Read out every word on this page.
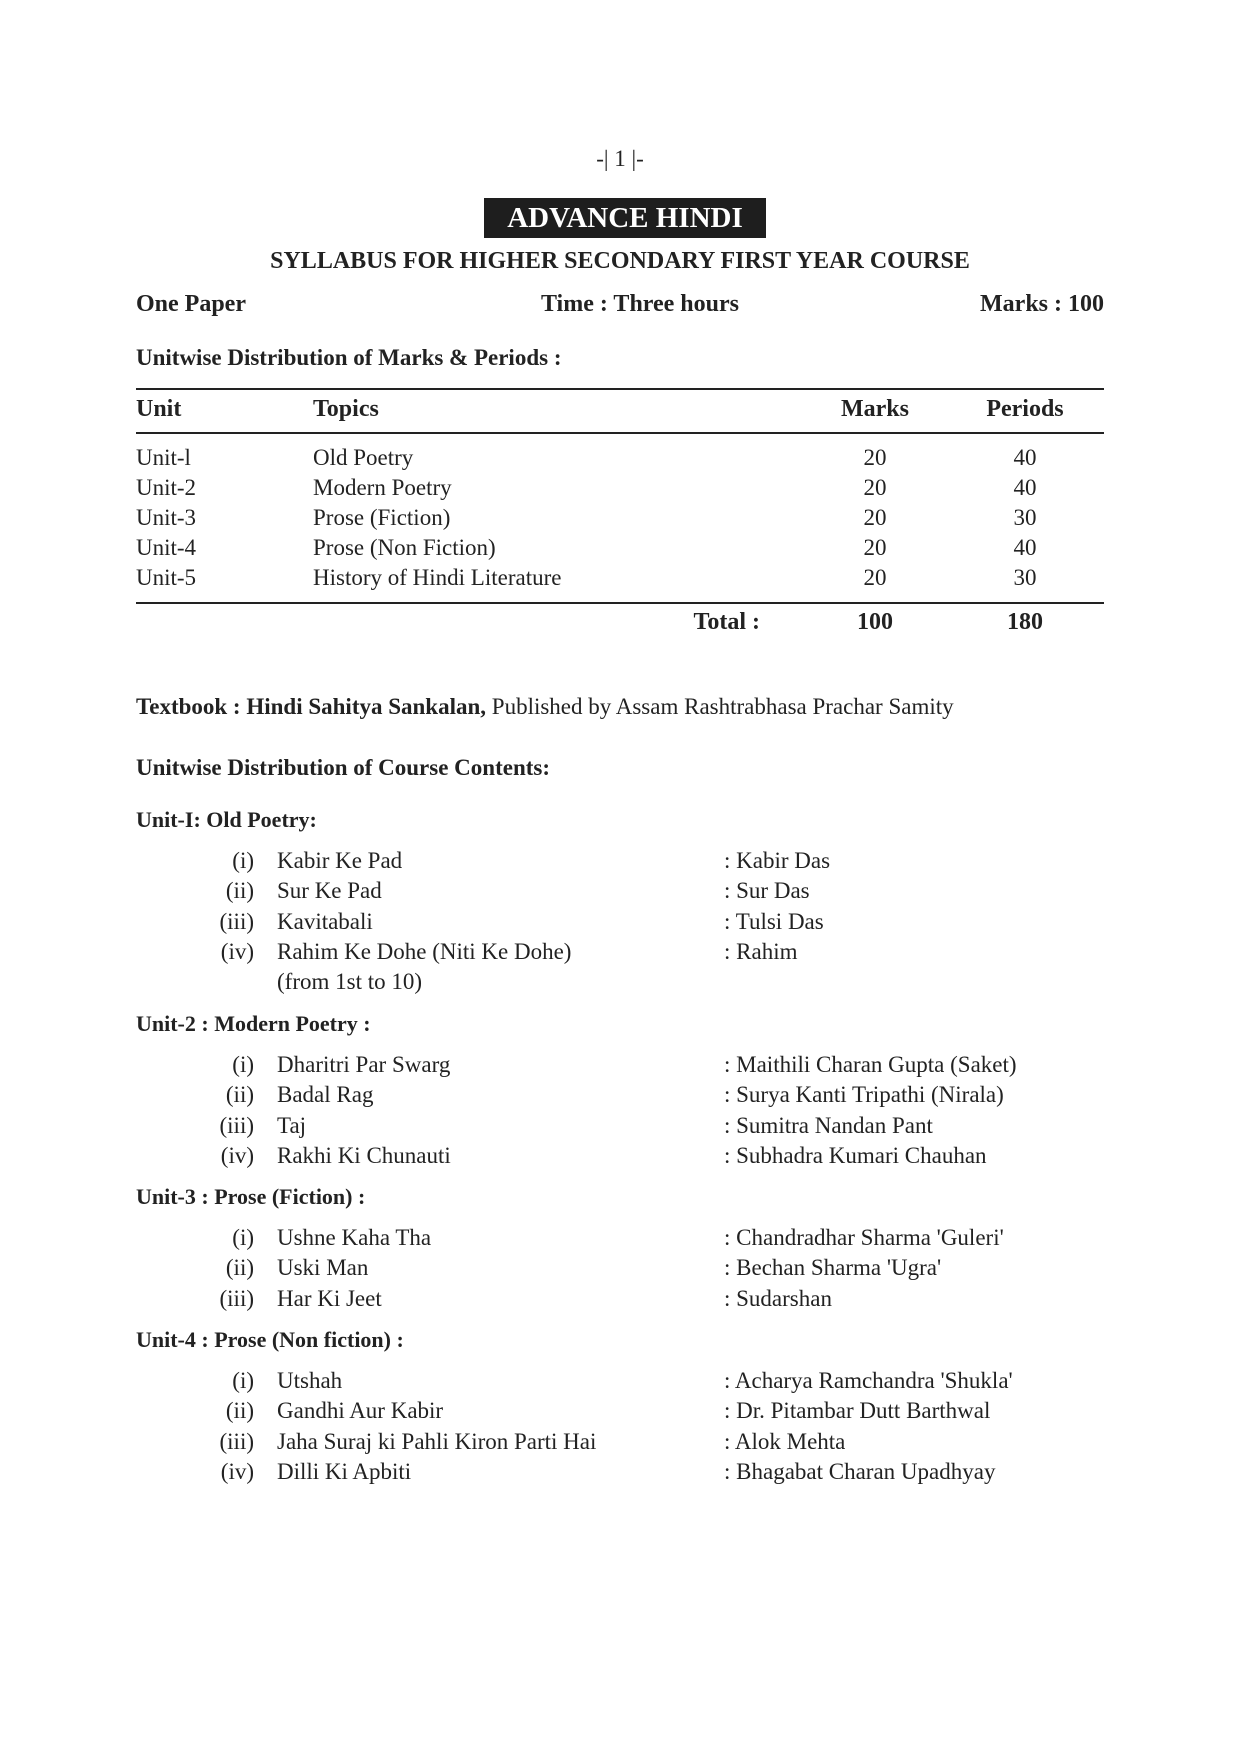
-| 1 |-
ADVANCE HINDI
SYLLABUS FOR HIGHER SECONDARY FIRST YEAR COURSE
One Paper	Time : Three hours	Marks : 100
Unitwise Distribution of Marks & Periods :
Unit	Topics	Marks	Periods
Unit-l	Old Poetry	20	40
Unit-2	Modern Poetry	20	40
Unit-3	Prose (Fiction)	20	30
Unit-4	Prose (Non Fiction)	20	40
Unit-5	History of Hindi Literature	20	30
Total :	100	180
Textbook : Hindi Sahitya Sankalan, Published by Assam Rashtrabhasa Prachar Samity
Unitwise Distribution of Course Contents:
Unit-I: Old Poetry:
(i) Kabir Ke Pad	: Kabir Das
(ii) Sur Ke Pad	: Sur Das
(iii) Kavitabali	: Tulsi Das
(iv) Rahim Ke Dohe (Niti Ke Dohe)	: Rahim
(from 1st to 10)
Unit-2 : Modern Poetry :
(i) Dharitri Par Swarg	: Maithili Charan Gupta (Saket)
(ii) Badal Rag	: Surya Kanti Tripathi (Nirala)
(iii) Taj	: Sumitra Nandan Pant
(iv) Rakhi Ki Chunauti	: Subhadra Kumari Chauhan
Unit-3 : Prose (Fiction) :
(i) Ushne Kaha Tha	: Chandradhar Sharma 'Guleri'
(ii) Uski Man	: Bechan Sharma 'Ugra'
(iii) Har Ki Jeet	: Sudarshan
Unit-4 : Prose (Non fiction) :
(i) Utshah	: Acharya Ramchandra 'Shukla'
(ii) Gandhi Aur Kabir	: Dr. Pitambar Dutt Barthwal
(iii) Jaha Suraj ki Pahli Kiron Parti Hai	: Alok Mehta
(iv) Dilli Ki Apbiti	: Bhagabat Charan Upadhyay
